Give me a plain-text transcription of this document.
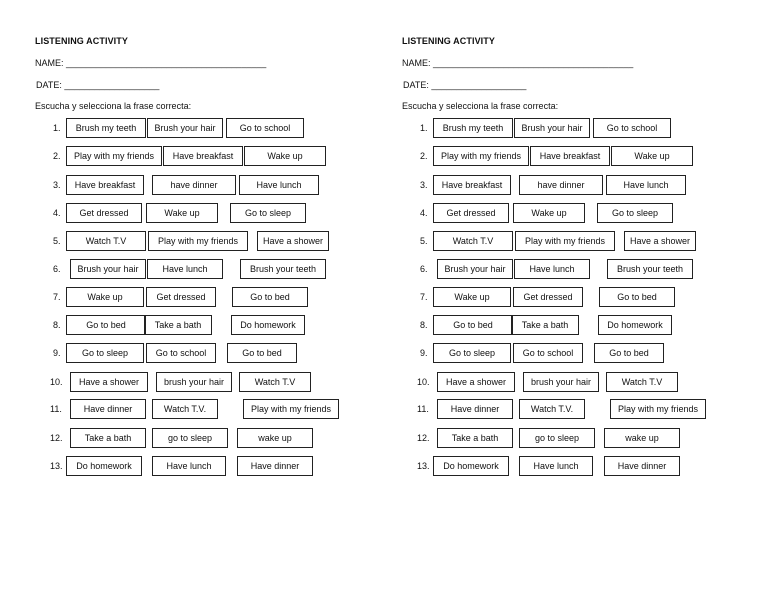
LISTENING ACTIVITY
NAME: ________________________________________
DATE: ___________________
Escucha y selecciona la frase correcta:
1.	Brush my teeth	Brush your hair	Go to school
2.	Play with my friends	Have breakfast	Wake up
3.	Have breakfast	have dinner	Have lunch
4.	Get dressed	Wake up	Go to sleep
5.	Watch T.V	Play with my friends	Have a shower
6.	Brush your hair	Have lunch	Brush your teeth
7.	Wake up	Get dressed	Go to bed
8.	Go to bed	Take a bath	Do homework
9.	Go to sleep	Go to school	Go to bed
10.	Have a shower	brush your hair	Watch T.V
11.	Have dinner	Watch T.V.	Play with my friends
12.	Take a bath	go to sleep	wake up
13.	Do homework	Have lunch	Have dinner
LISTENING ACTIVITY
NAME: ________________________________________
DATE: ___________________
Escucha y selecciona la frase correcta:
1.	Brush my teeth	Brush your hair	Go to school
2.	Play with my friends	Have breakfast	Wake up
3.	Have breakfast	have dinner	Have lunch
4.	Get dressed	Wake up	Go to sleep
5.	Watch T.V	Play with my friends	Have a shower
6.	Brush your hair	Have lunch	Brush your teeth
7.	Wake up	Get dressed	Go to bed
8.	Go to bed	Take a bath	Do homework
9.	Go to sleep	Go to school	Go to bed
10.	Have a shower	brush your hair	Watch T.V
11.	Have dinner	Watch T.V.	Play with my friends
12.	Take a bath	go to sleep	wake up
13.	Do homework	Have lunch	Have dinner
